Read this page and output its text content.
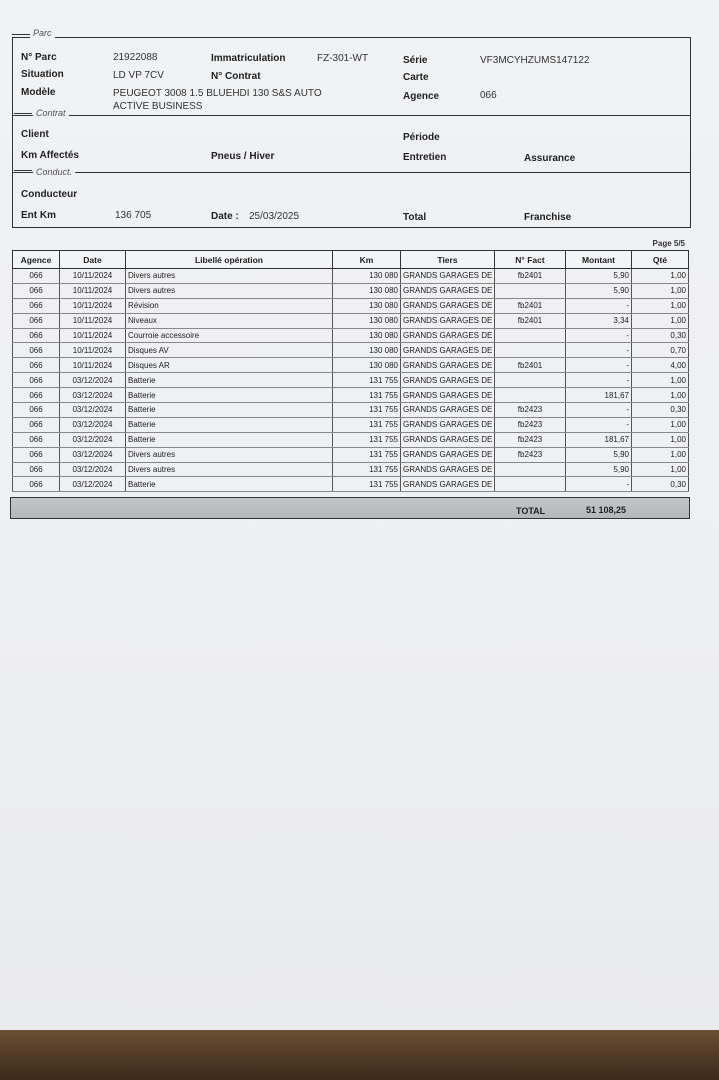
Parc
N° Parc	21922088	Immatriculation	FZ-301-WT	Série	VF3MCYHZUMS147122
Situation	LD VP 7CV	N° Contrat	Carte
Modèle	PEUGEOT 3008 1.5 BLUEHDI 130 S&S AUTO
ACTIVE BUSINESS
Agence	066
Contrat
Client	Période
Km Affectés	Pneus / Hiver	Entretien	Assurance
Conduct.
Conducteur
Ent Km	136 705	Date : 25/03/2025	Total	Franchise
Page 5/5
Agence	Date	Libellé opération	Km	Tiers	N° Fact	Montant	Qté
066	10/11/2024	Divers autres	130 080	GRANDS GARAGES DE	fb2401	5,90	1,00
066	10/11/2024	Divers autres	130 080	GRANDS GARAGES DE		5,90	1,00
066	10/11/2024	Révision	130 080	GRANDS GARAGES DE	fb2401	-	1,00
066	10/11/2024	Niveaux	130 080	GRANDS GARAGES DE	fb2401	3,34	1,00
066	10/11/2024	Courroie accessoire	130 080	GRANDS GARAGES DE		-	0,30
066	10/11/2024	Disques AV	130 080	GRANDS GARAGES DE		-	0,70
066	10/11/2024	Disques AR	130 080	GRANDS GARAGES DE	fb2401	-	4,00
066	03/12/2024	Batterie	131 755	GRANDS GARAGES DE		-	1,00
066	03/12/2024	Batterie	131 755	GRANDS GARAGES DE		181,67	1,00
066	03/12/2024	Batterie	131 755	GRANDS GARAGES DE	fb2423	-	0,30
066	03/12/2024	Batterie	131 755	GRANDS GARAGES DE	fb2423	-	1,00
066	03/12/2024	Batterie	131 755	GRANDS GARAGES DE	fb2423	181,67	1,00
066	03/12/2024	Divers autres	131 755	GRANDS GARAGES DE	fb2423	5,90	1,00
066	03/12/2024	Divers autres	131 755	GRANDS GARAGES DE		5,90	1,00
066	03/12/2024	Batterie	131 755	GRANDS GARAGES DE		-	0,30
TOTAL	51 108,25
